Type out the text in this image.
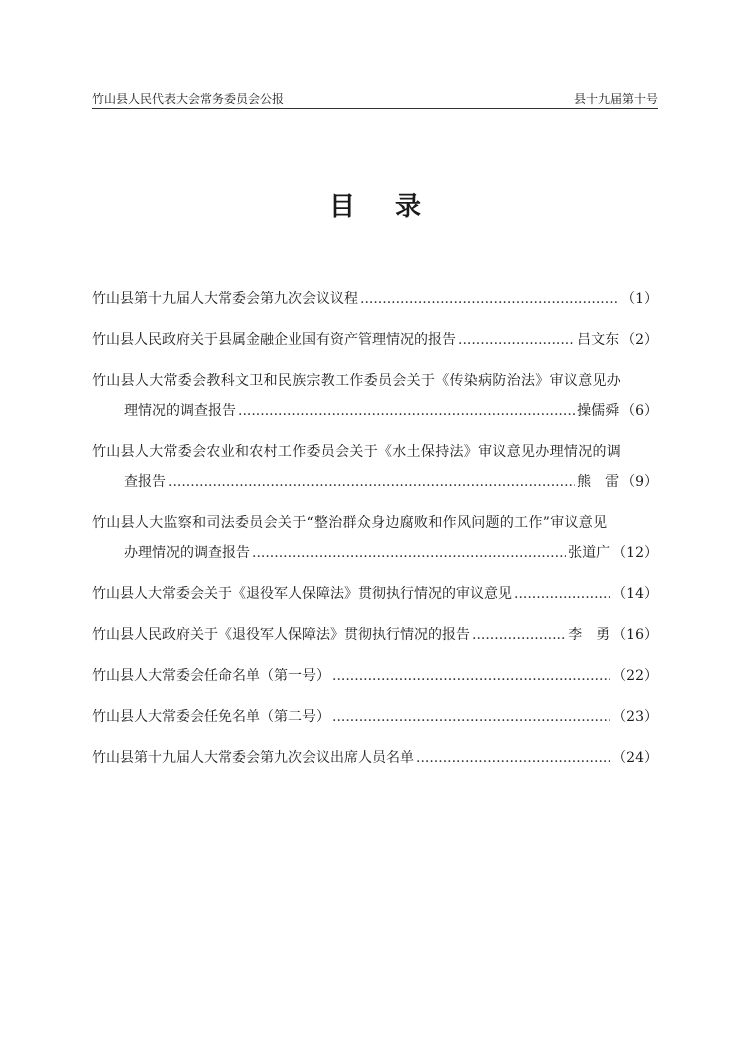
竹山县人民代表大会常务委员会公报	县十九届第十号
目录
竹山县第十九届人大常委会第九次会议议程 .....	（1）
竹山县人民政府关于县属金融企业国有资产管理情况的报告 .....	吕文东 （2）
竹山县人大常委会教科文卫和民族宗教工作委员会关于《传染病防治法》审议意见办
理情况的调查报告 .....	操儒舜 （6）
竹山县人大常委会农业和农村工作委员会关于《水土保持法》审议意见办理情况的调
查报告 .....	熊　雷 （9）
竹山县人大监察和司法委员会关于“整治群众身边腐败和作风问题的工作”审议意见
办理情况的调查报告 .....	张道广 （12）
竹山县人大常委会关于《退役军人保障法》贯彻执行情况的审议意见 .....	（14）
竹山县人民政府关于《退役军人保障法》贯彻执行情况的报告 .....	李　勇 （16）
竹山县人大常委会任命名单（第一号） .....	（22）
竹山县人大常委会任免名单（第二号） .....	（23）
竹山县第十九届人大常委会第九次会议出席人员名单 .....	（24）
